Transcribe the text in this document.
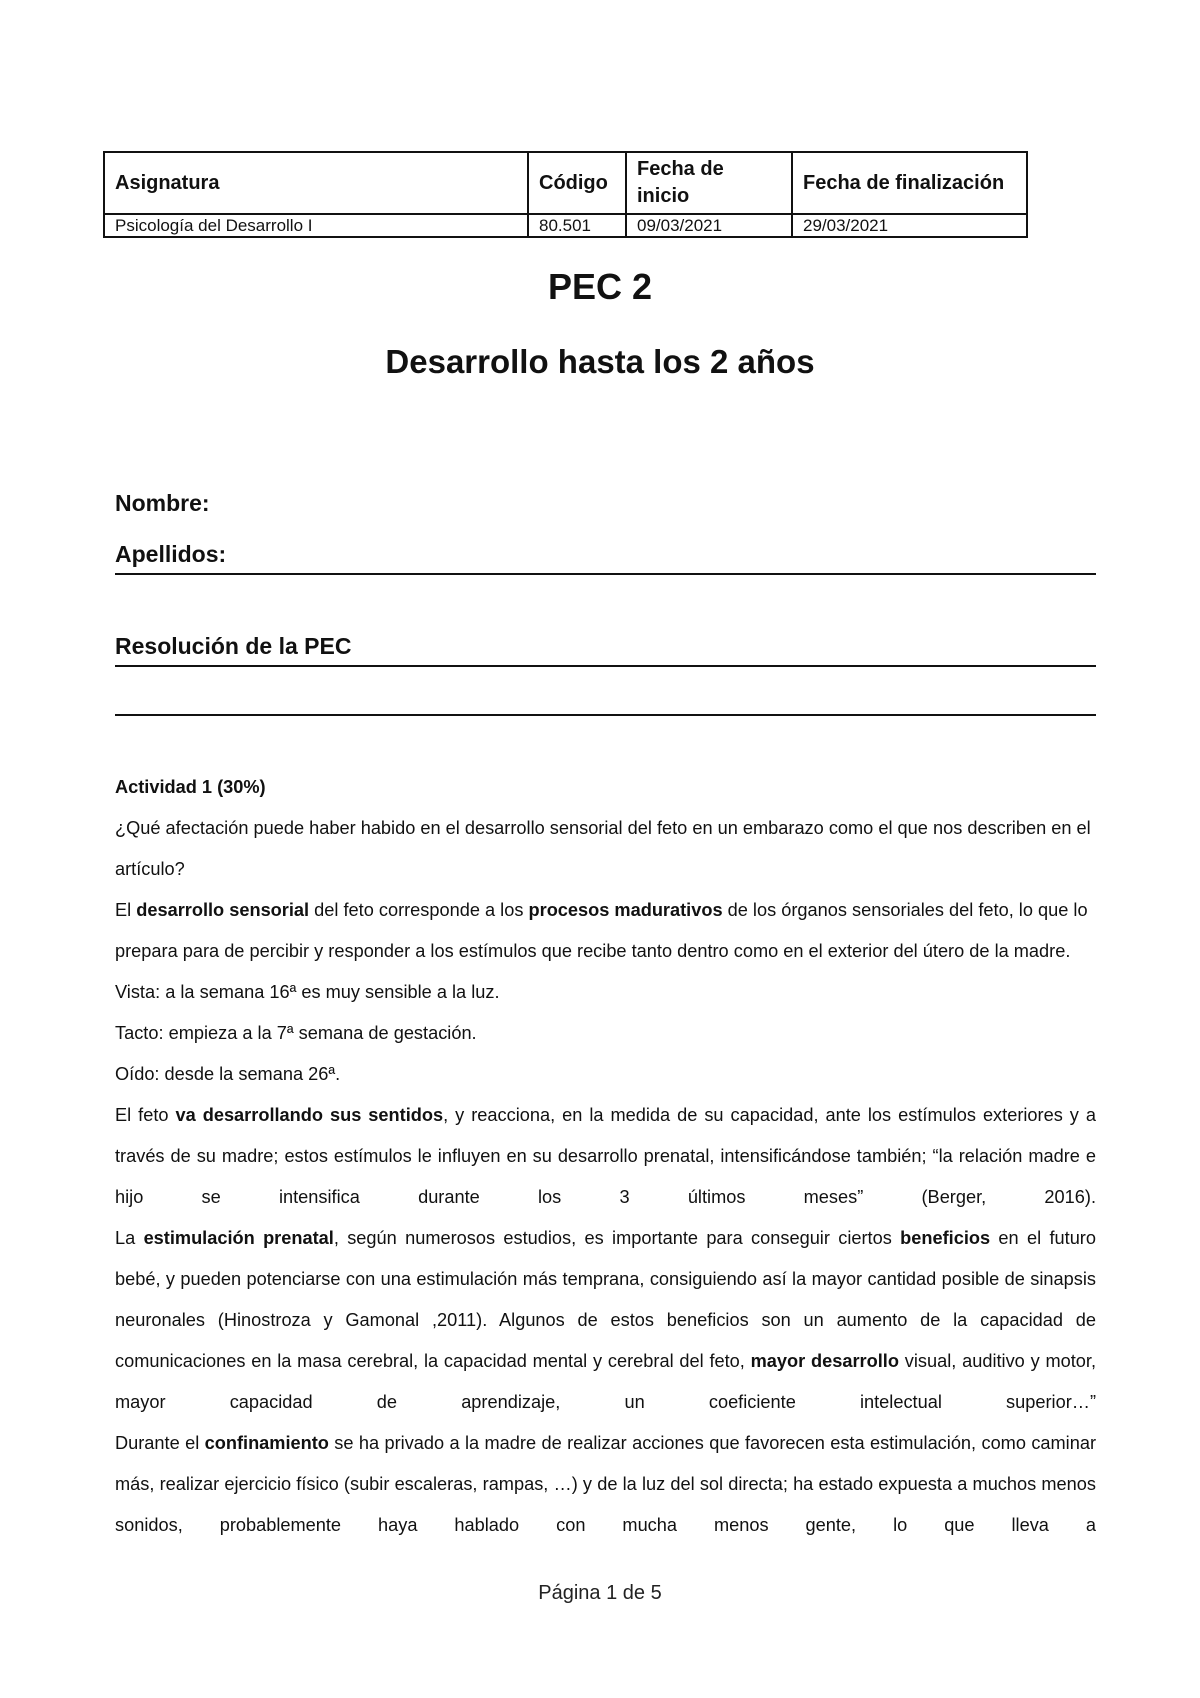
Asignatura	Código	Fecha de inicio	Fecha de finalización
Psicología del Desarrollo I	80.501	09/03/2021	29/03/2021
PEC 2
Desarrollo hasta los 2 años
Nombre:
Apellidos:
Resolución de la PEC

Actividad 1 (30%)

¿Qué afectación puede haber habido en el desarrollo sensorial del feto en un embarazo como el que nos describen en el artículo?

El desarrollo sensorial del feto corresponde a los procesos madurativos de los órganos sensoriales del feto, lo que lo prepara para de percibir y responder a los estímulos que recibe tanto dentro como en el exterior del útero de la madre.

Vista: a la semana 16ª es muy sensible a la luz.

Tacto: empieza a la 7ª semana de gestación.

Oído: desde la semana 26ª.

El feto va desarrollando sus sentidos, y reacciona, en la medida de su capacidad, ante los estímulos exteriores y a través de su madre; estos estímulos le influyen en su desarrollo prenatal, intensificándose también; “la relación madre e hijo se intensifica durante los 3 últimos meses” (Berger, 2016).

La estimulación prenatal, según numerosos estudios, es importante para conseguir ciertos beneficios en el futuro bebé, y pueden potenciarse con una estimulación más temprana, consiguiendo así la mayor cantidad posible de sinapsis neuronales (Hinostroza y Gamonal ,2011). Algunos de estos beneficios son un aumento de la capacidad de comunicaciones en la masa cerebral, la capacidad mental y cerebral del feto, mayor desarrollo visual, auditivo y motor, mayor capacidad de aprendizaje, un coeficiente intelectual superior…”

Durante el confinamiento se ha privado a la madre de realizar acciones que favorecen esta estimulación, como caminar más, realizar ejercicio físico (subir escaleras, rampas, …) y de la luz del sol directa; ha estado expuesta a muchos menos sonidos, probablemente haya hablado con mucha menos gente, lo que lleva a

Página 1 de 5
